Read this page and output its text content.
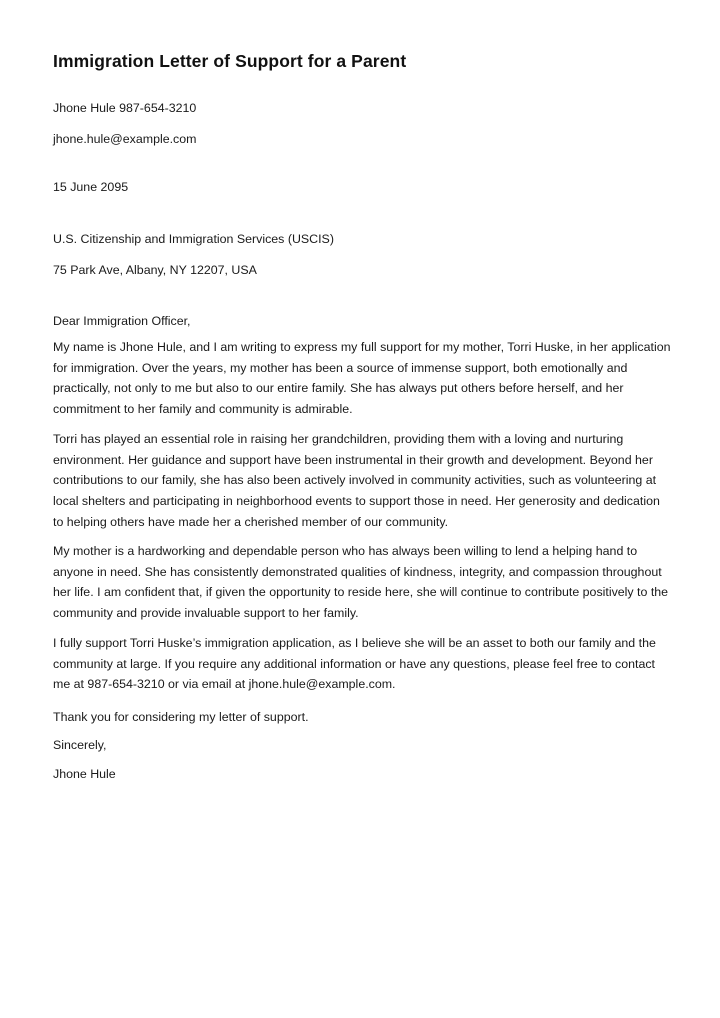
Immigration Letter of Support for a Parent

Jhone Hule 987-654-3210

jhone.hule@example.com

15 June 2095

U.S. Citizenship and Immigration Services (USCIS)

75 Park Ave, Albany, NY 12207, USA

Dear Immigration Officer,

My name is Jhone Hule, and I am writing to express my full support for my mother, Torri Huske, in her application for immigration. Over the years, my mother has been a source of immense support, both emotionally and practically, not only to me but also to our entire family. She has always put others before herself, and her commitment to her family and community is admirable.

Torri has played an essential role in raising her grandchildren, providing them with a loving and nurturing environment. Her guidance and support have been instrumental in their growth and development. Beyond her contributions to our family, she has also been actively involved in community activities, such as volunteering at local shelters and participating in neighborhood events to support those in need. Her generosity and dedication to helping others have made her a cherished member of our community.

My mother is a hardworking and dependable person who has always been willing to lend a helping hand to anyone in need. She has consistently demonstrated qualities of kindness, integrity, and compassion throughout her life. I am confident that, if given the opportunity to reside here, she will continue to contribute positively to the community and provide invaluable support to her family.

I fully support Torri Huske’s immigration application, as I believe she will be an asset to both our family and the community at large. If you require any additional information or have any questions, please feel free to contact me at 987-654-3210 or via email at jhone.hule@example.com.

Thank you for considering my letter of support.

Sincerely,

Jhone Hule
